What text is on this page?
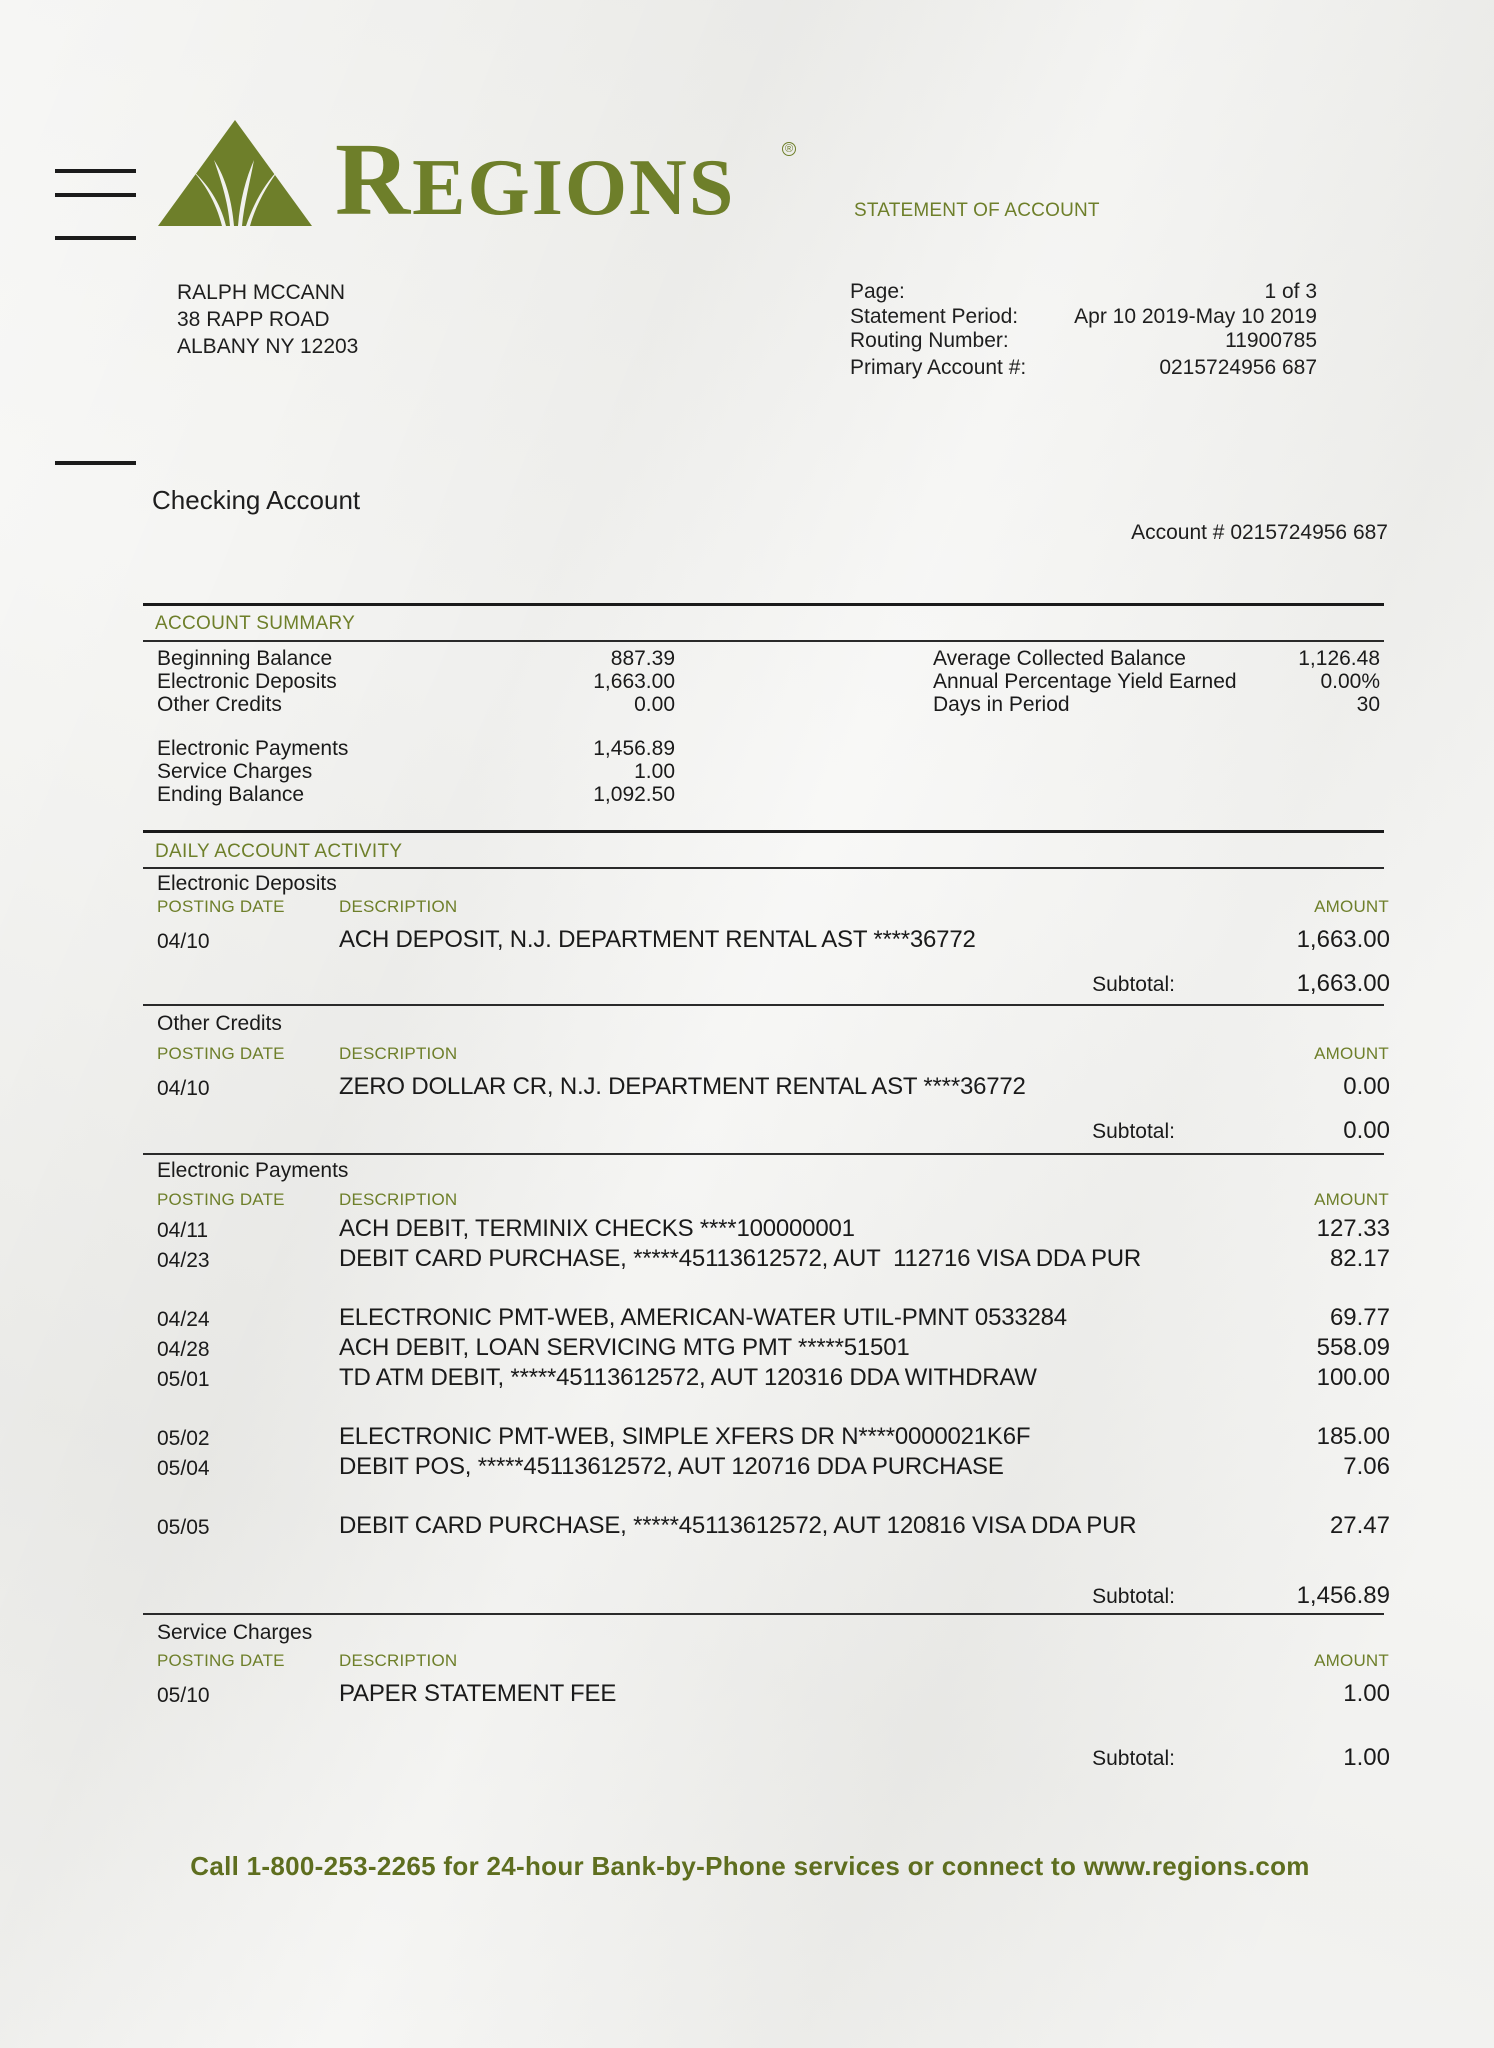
REGIONS	®
STATEMENT OF ACCOUNT
RALPH MCCANN
38 RAPP ROAD
ALBANY NY 12203
Page:	1 of 3
Statement Period:	Apr 10 2019-May 10 2019
Routing Number:	11900785
Primary Account #:	0215724956 687
Checking Account
Account # 0215724956 687
ACCOUNT SUMMARY
Beginning Balance	887.39
Electronic Deposits	1,663.00
Other Credits	0.00
Electronic Payments	1,456.89
Service Charges	1.00
Ending Balance	1,092.50
Average Collected Balance	1,126.48
Annual Percentage Yield Earned	0.00%
Days in Period	30
DAILY ACCOUNT ACTIVITY
Electronic Deposits
POSTING DATE	DESCRIPTION	AMOUNT
04/10	ACH DEPOSIT, N.J. DEPARTMENT RENTAL AST ****36772	1,663.00
Subtotal:	1,663.00
Other Credits
POSTING DATE	DESCRIPTION	AMOUNT
04/10	ZERO DOLLAR CR, N.J. DEPARTMENT RENTAL AST ****36772	0.00
Subtotal:	0.00
Electronic Payments
POSTING DATE	DESCRIPTION	AMOUNT
04/11	ACH DEBIT, TERMINIX CHECKS ****100000001	127.33
04/23	DEBIT CARD PURCHASE, *****45113612572, AUT  112716 VISA DDA PUR	82.17
04/24	ELECTRONIC PMT-WEB, AMERICAN-WATER UTIL-PMNT 0533284	69.77
04/28	ACH DEBIT, LOAN SERVICING MTG PMT *****51501	558.09
05/01	TD ATM DEBIT, *****45113612572, AUT 120316 DDA WITHDRAW	100.00
05/02	ELECTRONIC PMT-WEB, SIMPLE XFERS DR N****0000021K6F	185.00
05/04	DEBIT POS, *****45113612572, AUT 120716 DDA PURCHASE	7.06
05/05	DEBIT CARD PURCHASE, *****45113612572, AUT 120816 VISA DDA PUR	27.47
Subtotal:	1,456.89
Service Charges
POSTING DATE	DESCRIPTION	AMOUNT
05/10	PAPER STATEMENT FEE	1.00
Subtotal:	1.00
Call 1-800-253-2265 for 24-hour Bank-by-Phone services or connect to www.regions.com
